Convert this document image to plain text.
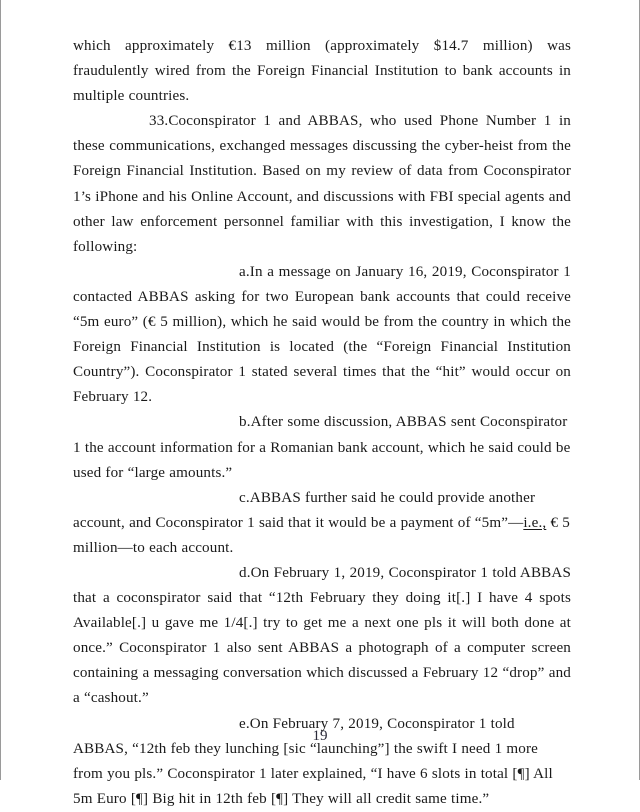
which approximately €13 million (approximately $14.7 million) was fraudulently wired from the Foreign Financial Institution to bank accounts in multiple countries.

33.Coconspirator 1 and ABBAS, who used Phone Number 1 in these communications, exchanged messages discussing the cyber-heist from the Foreign Financial Institution. Based on my review of data from Coconspirator 1’s iPhone and his Online Account, and discussions with FBI special agents and other law enforcement personnel familiar with this investigation, I know the following:

a.In a message on January 16, 2019, Coconspirator 1 contacted ABBAS asking for two European bank accounts that could receive “5m euro” (€ 5 million), which he said would be from the country in which the Foreign Financial Institution is located (the “Foreign Financial Institution Country”). Coconspirator 1 stated several times that the “hit” would occur on February 12.

b.After some discussion, ABBAS sent Coconspirator 1 the account information for a Romanian bank account, which he said could be used for “large amounts.”

c.ABBAS further said he could provide another account, and Coconspirator 1 said that it would be a payment of “5m”—i.e., € 5 million—to each account.

d.On February 1, 2019, Coconspirator 1 told ABBAS that a coconspirator said that “12th February they doing it[.] I have 4 spots Available[.] u gave me 1/4[.] try to get me a next one pls it will both done at once.” Coconspirator 1 also sent ABBAS a photograph of a computer screen containing a messaging conversation which discussed a February 12 “drop” and a “cashout.”

e.On February 7, 2019, Coconspirator 1 told ABBAS, “12th feb they lunching [sic “launching”] the swift I need 1 more from you pls.” Coconspirator 1 later explained, “I have 6 slots in total [¶] All 5m Euro [¶] Big hit in 12th feb [¶] They will all credit same time.”

19
